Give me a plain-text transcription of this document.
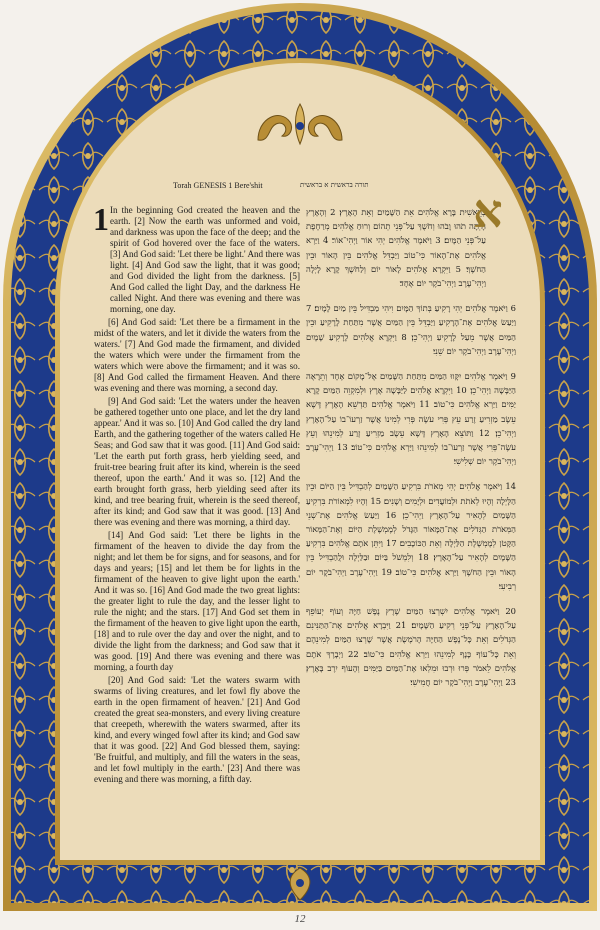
Torah GENESIS 1 Bere'shit	תורה בראשית א בראשית

In the beginning God created the heaven and the earth. [2] Now the earth was unformed and void, and darkness was upon the face of the deep; and the spirit of God hovered over the face of the waters. [3] And God said: 'Let there be light.' And there was light. [4] And God saw the light, that it was good; and God divided the light from the darkness. [5] And God called the light Day, and the darkness He called Night. And there was evening and there was morning, one day.

[6] And God said: 'Let there be a firmament in the midst of the waters, and let it divide the waters from the waters.' [7] And God made the firmament, and divided the waters which were under the firmament from the waters which were above the firmament; and it was so. [8] And God called the firmament Heaven. And there was evening and there was morning, a second day.

[9] And God said: 'Let the waters under the heaven be gathered together unto one place, and let the dry land appear.' And it was so. [10] And God called the dry land Earth, and the gathering together of the waters called He Seas; and God saw that it was good. [11] And God said: 'Let the earth put forth grass, herb yielding seed, and fruit-tree bearing fruit after its kind, wherein is the seed thereof, upon the earth.' And it was so. [12] And the earth brought forth grass, herb yielding seed after its kind, and tree bearing fruit, wherein is the seed thereof, after its kind; and God saw that it was good. [13] And there was evening and there was morning, a third day.

[14] And God said: 'Let there be lights in the firmament of the heaven to divide the day from the night; and let them be for signs, and for seasons, and for days and years; [15] and let them be for lights in the firmament of the heaven to give light upon the earth.' And it was so. [16] And God made the two great lights: the greater light to rule the day, and the lesser light to rule the night; and the stars. [17] And God set them in the firmament of the heaven to give light upon the earth, [18] and to rule over the day and over the night, and to divide the light from the darkness; and God saw that it was good. [19] And there was evening and there was morning, a fourth day

[20] And God said: 'Let the waters swarm with swarms of living creatures, and let fowl fly above the earth in the open firmament of heaven.' [21] And God created the great sea-monsters, and every living creature that creepeth, wherewith the waters swarmed, after its kind, and every winged fowl after its kind; and God saw that it was good. [22] And God blessed them, saying: 'Be fruitful, and multiply, and fill the waters in the seas, and let fowl multiply in the earth.' [23] And there was evening and there was morning, a fifth day.

1	בְּרֵאשִׁית בָּרָא אֱלֹהִים אֵת הַשָּׁמַיִם וְאֵת הָאָרֶץ׃ 2 וְהָאָרֶץ הָיְתָה תֹהוּ וָבֹהוּ וְחֹשֶׁךְ עַל־פְּנֵי תְהוֹם וְרוּחַ אֱלֹהִים מְרַחֶפֶת עַל־פְּנֵי הַמָּיִם׃ 3 וַיֹּאמֶר אֱלֹהִים יְהִי אוֹר וַיְהִי־אוֹר׃ 4 וַיַּרְא אֱלֹהִים אֶת־הָאוֹר כִּי־טוֹב וַיַּבְדֵּל אֱלֹהִים בֵּין הָאוֹר וּבֵין הַחֹשֶׁךְ׃ 5 וַיִּקְרָא אֱלֹהִים לָאוֹר יוֹם וְלַחֹשֶׁךְ קָרָא לָיְלָה וַיְהִי־עֶרֶב וַיְהִי־בֹקֶר יוֹם אֶחָד׃

6 וַיֹּאמֶר אֱלֹהִים יְהִי רָקִיעַ בְּתוֹךְ הַמָּיִם וִיהִי מַבְדִּיל בֵּין מַיִם לָמָיִם׃ 7 וַיַּעַשׂ אֱלֹהִים אֶת־הָרָקִיעַ וַיַּבְדֵּל בֵּין הַמַּיִם אֲשֶׁר מִתַּחַת לָרָקִיעַ וּבֵין הַמַּיִם אֲשֶׁר מֵעַל לָרָקִיעַ וַיְהִי־כֵן׃ 8 וַיִּקְרָא אֱלֹהִים לָרָקִיעַ שָׁמָיִם וַיְהִי־עֶרֶב וַיְהִי־בֹקֶר יוֹם שֵׁנִי׃

9 וַיֹּאמֶר אֱלֹהִים יִקָּווּ הַמַּיִם מִתַּחַת הַשָּׁמַיִם אֶל־מָקוֹם אֶחָד וְתֵרָאֶה הַיַּבָּשָׁה וַיְהִי־כֵן׃ 10 וַיִּקְרָא אֱלֹהִים לַיַּבָּשָׁה אֶרֶץ וּלְמִקְוֵה הַמַּיִם קָרָא יַמִּים וַיַּרְא אֱלֹהִים כִּי־טוֹב׃ 11 וַיֹּאמֶר אֱלֹהִים תַּדְשֵׁא הָאָרֶץ דֶּשֶׁא עֵשֶׂב מַזְרִיעַ זֶרַע עֵץ פְּרִי עֹשֶׂה פְּרִי לְמִינוֹ אֲשֶׁר זַרְעוֹ־בוֹ עַל־הָאָרֶץ וַיְהִי־כֵן׃ 12 וַתּוֹצֵא הָאָרֶץ דֶּשֶׁא עֵשֶׂב מַזְרִיעַ זֶרַע לְמִינֵהוּ וְעֵץ עֹשֶׂה־פְּרִי אֲשֶׁר זַרְעוֹ־בוֹ לְמִינֵהוּ וַיַּרְא אֱלֹהִים כִּי־טוֹב׃ 13 וַיְהִי־עֶרֶב וַיְהִי־בֹקֶר יוֹם שְׁלִישִׁי׃

14 וַיֹּאמֶר אֱלֹהִים יְהִי מְאֹרֹת בִּרְקִיעַ הַשָּׁמַיִם לְהַבְדִּיל בֵּין הַיּוֹם וּבֵין הַלָּיְלָה וְהָיוּ לְאֹתֹת וּלְמוֹעֲדִים וּלְיָמִים וְשָׁנִים׃ 15 וְהָיוּ לִמְאוֹרֹת בִּרְקִיעַ הַשָּׁמַיִם לְהָאִיר עַל־הָאָרֶץ וַיְהִי־כֵן׃ 16 וַיַּעַשׂ אֱלֹהִים אֶת־שְׁנֵי הַמְּאֹרֹת הַגְּדֹלִים אֶת־הַמָּאוֹר הַגָּדֹל לְמֶמְשֶׁלֶת הַיּוֹם וְאֶת־הַמָּאוֹר הַקָּטֹן לְמֶמְשֶׁלֶת הַלַּיְלָה וְאֵת הַכּוֹכָבִים׃ 17 וַיִּתֵּן אֹתָם אֱלֹהִים בִּרְקִיעַ הַשָּׁמָיִם לְהָאִיר עַל־הָאָרֶץ׃ 18 וְלִמְשֹׁל בַּיּוֹם וּבַלַּיְלָה וּלֲהַבְדִּיל בֵּין הָאוֹר וּבֵין הַחֹשֶׁךְ וַיַּרְא אֱלֹהִים כִּי־טוֹב׃ 19 וַיְהִי־עֶרֶב וַיְהִי־בֹקֶר יוֹם רְבִיעִי׃

20 וַיֹּאמֶר אֱלֹהִים יִשְׁרְצוּ הַמַּיִם שֶׁרֶץ נֶפֶשׁ חַיָּה וְעוֹף יְעוֹפֵף עַל־הָאָרֶץ עַל־פְּנֵי רְקִיעַ הַשָּׁמָיִם׃ 21 וַיִּבְרָא אֱלֹהִים אֶת־הַתַּנִּינִם הַגְּדֹלִים וְאֵת כָּל־נֶפֶשׁ הַחַיָּה הָרֹמֶשֶׂת אֲשֶׁר שָׁרְצוּ הַמַּיִם לְמִינֵהֶם וְאֵת כָּל־עוֹף כָּנָף לְמִינֵהוּ וַיַּרְא אֱלֹהִים כִּי־טוֹב׃ 22 וַיְבָרֶךְ אֹתָם אֱלֹהִים לֵאמֹר פְּרוּ וּרְבוּ וּמִלְאוּ אֶת־הַמַּיִם בַּיַּמִּים וְהָעוֹף יִרֶב בָּאָרֶץ׃ 23 וַיְהִי־עֶרֶב וַיְהִי־בֹקֶר יוֹם חֲמִישִׁי׃

א
12
